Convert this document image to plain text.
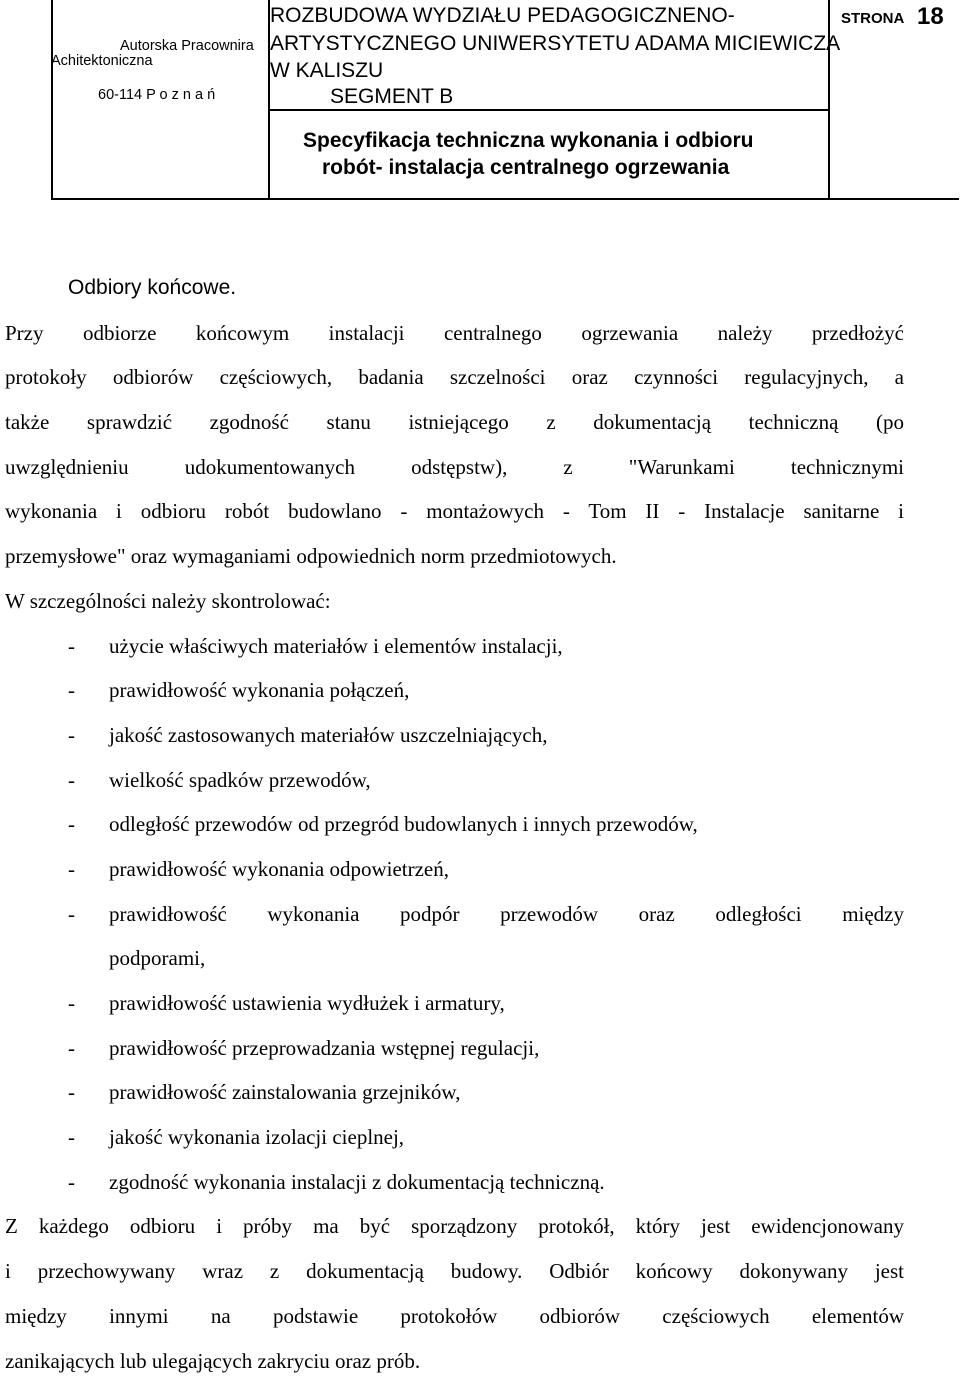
Autorska Pracownira
Achitektoniczna
60-114 P o z n a ń
ROZBUDOWA WYDZIAŁU PEDAGOGICZNENO-
ARTYSTYCZNEGO UNIWERSYTETU ADAMA MICIEWICZA
W KALISZU
SEGMENT B
Specyfikacja techniczna wykonania i odbioru
robót- instalacja centralnego ogrzewania
STRONA 18
Odbiory końcowe.
Przy odbiorze końcowym instalacji centralnego ogrzewania należy przedłożyć
protokoły odbiorów częściowych, badania szczelności oraz czynności regulacyjnych, a
także sprawdzić zgodność stanu istniejącego z dokumentacją techniczną (po
uwzględnieniu udokumentowanych odstępstw), z "Warunkami technicznymi
wykonania i odbioru robót budowlano - montażowych - Tom II - Instalacje sanitarne i
przemysłowe" oraz wymaganiami odpowiednich norm przedmiotowych.
W szczególności należy skontrolować:
- użycie właściwych materiałów i elementów instalacji,
- prawidłowość wykonania połączeń,
- jakość zastosowanych materiałów uszczelniających,
- wielkość spadków przewodów,
- odległość przewodów od przegród budowlanych i innych przewodów,
- prawidłowość wykonania odpowietrzeń,
- prawidłowość wykonania podpór przewodów oraz odległości między
podporami,
- prawidłowość ustawienia wydłużek i armatury,
- prawidłowość przeprowadzania wstępnej regulacji,
- prawidłowość zainstalowania grzejników,
- jakość wykonania izolacji cieplnej,
- zgodność wykonania instalacji z dokumentacją techniczną.
Z każdego odbioru i próby ma być sporządzony protokół, który jest ewidencjonowany
i przechowywany wraz z dokumentacją budowy. Odbiór końcowy dokonywany jest
między innymi na podstawie protokołów odbiorów częściowych elementów
zanikających lub ulegających zakryciu oraz prób.
